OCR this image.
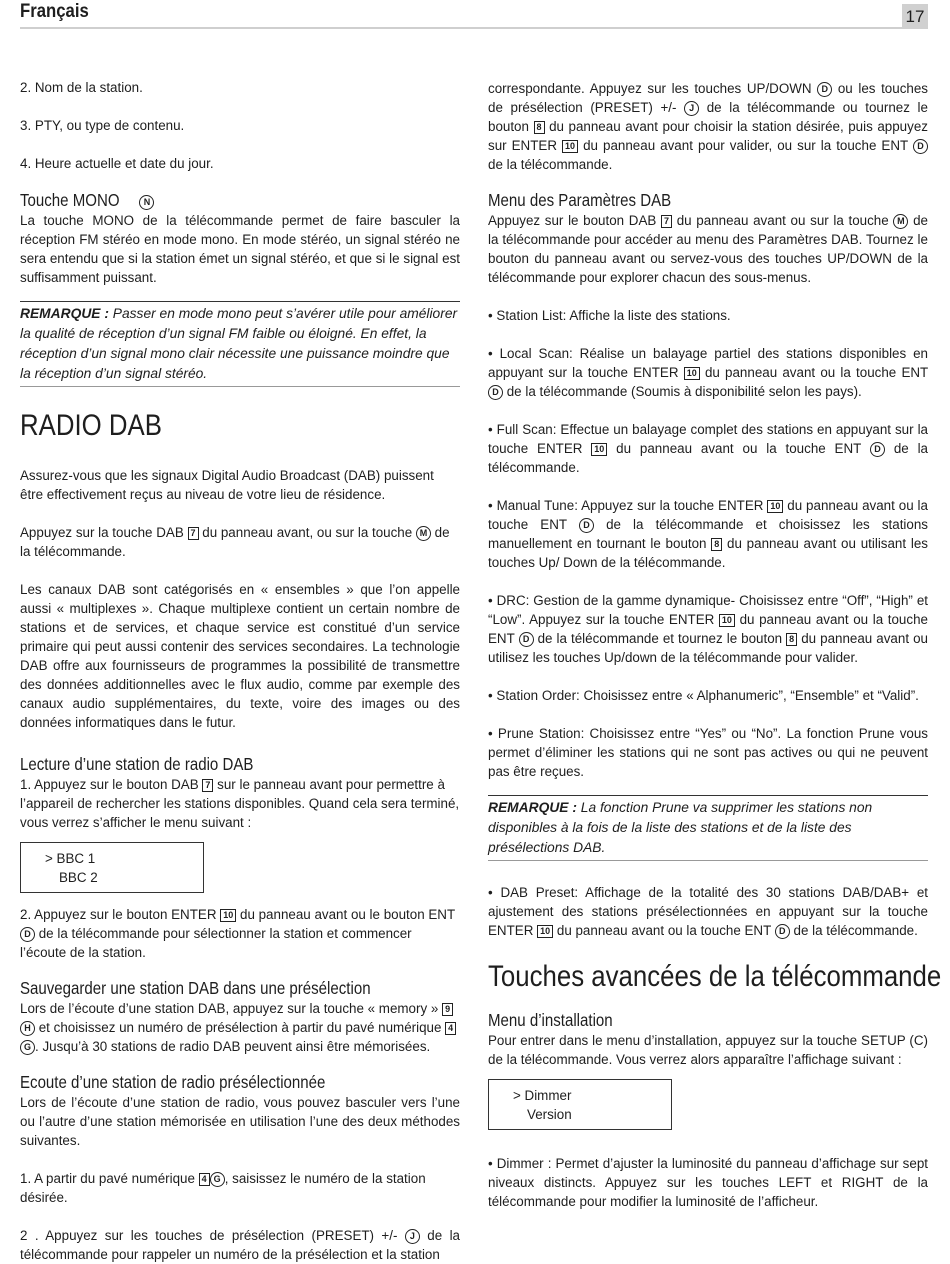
Français	17

2. Nom de la station.

3. PTY, ou type de contenu.

4. Heure actuelle et date du jour.

Touche MONO	N

La touche MONO de la télécommande permet de faire basculer la réception FM stéréo en mode mono. En mode stéréo, un signal stéréo ne sera entendu que si la station émet un signal stéréo, et que si le signal est suffisamment puissant.

REMARQUE : Passer en mode mono peut s’avérer utile pour améliorer la qualité de réception d’un signal FM faible ou éloigné. En effet, la réception d’un signal mono clair nécessite une puissance moindre que la réception d’un signal stéréo.
RADIO DAB

Assurez-vous que les signaux Digital Audio Broadcast (DAB) puissent être effectivement reçus au niveau de votre lieu de résidence.

Appuyez sur la touche DAB 7 du panneau avant, ou sur la touche M de la télécommande.

Les canaux DAB sont catégorisés en « ensembles » que l’on appelle aussi « multiplexes ». Chaque multiplexe contient un certain nombre de stations et de services, et chaque service est constitué d’un service primaire qui peut aussi contenir des services secondaires. La technologie DAB offre aux fournisseurs de programmes la possibilité de transmettre des données additionnelles avec le flux audio, comme par exemple des canaux audio supplémentaires, du texte, voire des images ou des données informatiques dans le futur.

Lecture d’une station de radio DAB

1. Appuyez sur le bouton DAB 7 sur le panneau avant pour permettre à l’appareil de rechercher les stations disponibles. Quand cela sera terminé, vous verrez s’afficher le menu suivant :

> BBC 1
BBC 2

2. Appuyez sur le bouton ENTER 10 du panneau avant ou le bouton ENT D de la télécommande pour sélectionner la station et commencer l’écoute de la station.

Sauvegarder une station DAB dans une présélection

Lors de l’écoute d’une station DAB, appuyez sur la touche « memory » 9H et choisissez un numéro de présélection à partir du pavé numérique 4G . Jusqu’à 30 stations de radio DAB peuvent ainsi être mémorisées.

Ecoute d’une station de radio présélectionnée

Lors de l’écoute d’une station de radio, vous pouvez basculer vers l’une ou l’autre d’une station mémorisée en utilisation l’une des deux méthodes suivantes.

1. A partir du pavé numérique 4 G , saisissez le numéro de la station désirée.

2 . Appuyez sur les touches de présélection (PRESET) +/- J de la télécommande pour rappeler un numéro de la présélection et la station

correspondante. Appuyez sur les touches UP/DOWN D ou les touches de présélection (PRESET) +/- J de la télécommande ou tournez le bouton 8 du panneau avant pour choisir la station désirée, puis appuyez sur ENTER 10 du panneau avant pour valider, ou sur la touche ENT D de la télécommande.

Menu des Paramètres DAB

Appuyez sur le bouton DAB 7 du panneau avant ou sur la touche M de la télécommande pour accéder au menu des Paramètres DAB. Tournez le bouton du panneau avant ou servez-vous des touches UP/DOWN de la télécommande pour explorer chacun des sous-menus.

• Station List: Affiche la liste des stations.

• Local Scan: Réalise un balayage partiel des stations disponibles en appuyant sur la touche ENTER 10 du panneau avant ou la touche ENT D de la télécommande (Soumis à disponibilité selon les pays).

• Full Scan: Effectue un balayage complet des stations en appuyant sur la touche ENTER 10 du panneau avant ou la touche ENT D de la télécommande.

• Manual Tune: Appuyez sur la touche ENTER 10 du panneau avant ou la touche ENT D de la télécommande et choisissez les stations manuellement en tournant le bouton 8 du panneau avant ou utilisant les touches Up/ Down de la télécommande.

• DRC: Gestion de la gamme dynamique- Choisissez entre “Off”, “High” et “Low”. Appuyez sur la touche ENTER 10 du panneau avant ou la touche ENT D de la télécommande et tournez le bouton 8 du panneau avant ou utilisez les touches Up/down de la télécommande pour valider.

• Station Order: Choisissez entre « Alphanumeric”, “Ensemble” et “Valid”.

• Prune Station: Choisissez entre “Yes” ou “No”. La fonction Prune vous permet d’éliminer les stations qui ne sont pas actives ou qui ne peuvent pas être reçues.

REMARQUE : La fonction Prune va supprimer les stations non disponibles à la fois de la liste des stations et de la liste des présélections DAB.

• DAB Preset: Affichage de la totalité des 30 stations DAB/DAB+ et ajustement des stations présélectionnées en appuyant sur la touche ENTER 10 du panneau avant ou la touche ENT D de la télécommande.

Touches avancées de la télécommande
Menu d’installation

Pour entrer dans le menu d’installation, appuyez sur la touche SETUP (C) de la télécommande. Vous verrez alors apparaître l’affichage suivant :

> Dimmer
Version

• Dimmer : Permet d’ajuster la luminosité du panneau d’affichage sur sept niveaux distincts. Appuyez sur les touches LEFT et RIGHT de la télécommande pour modifier la luminosité de l’afficheur.
